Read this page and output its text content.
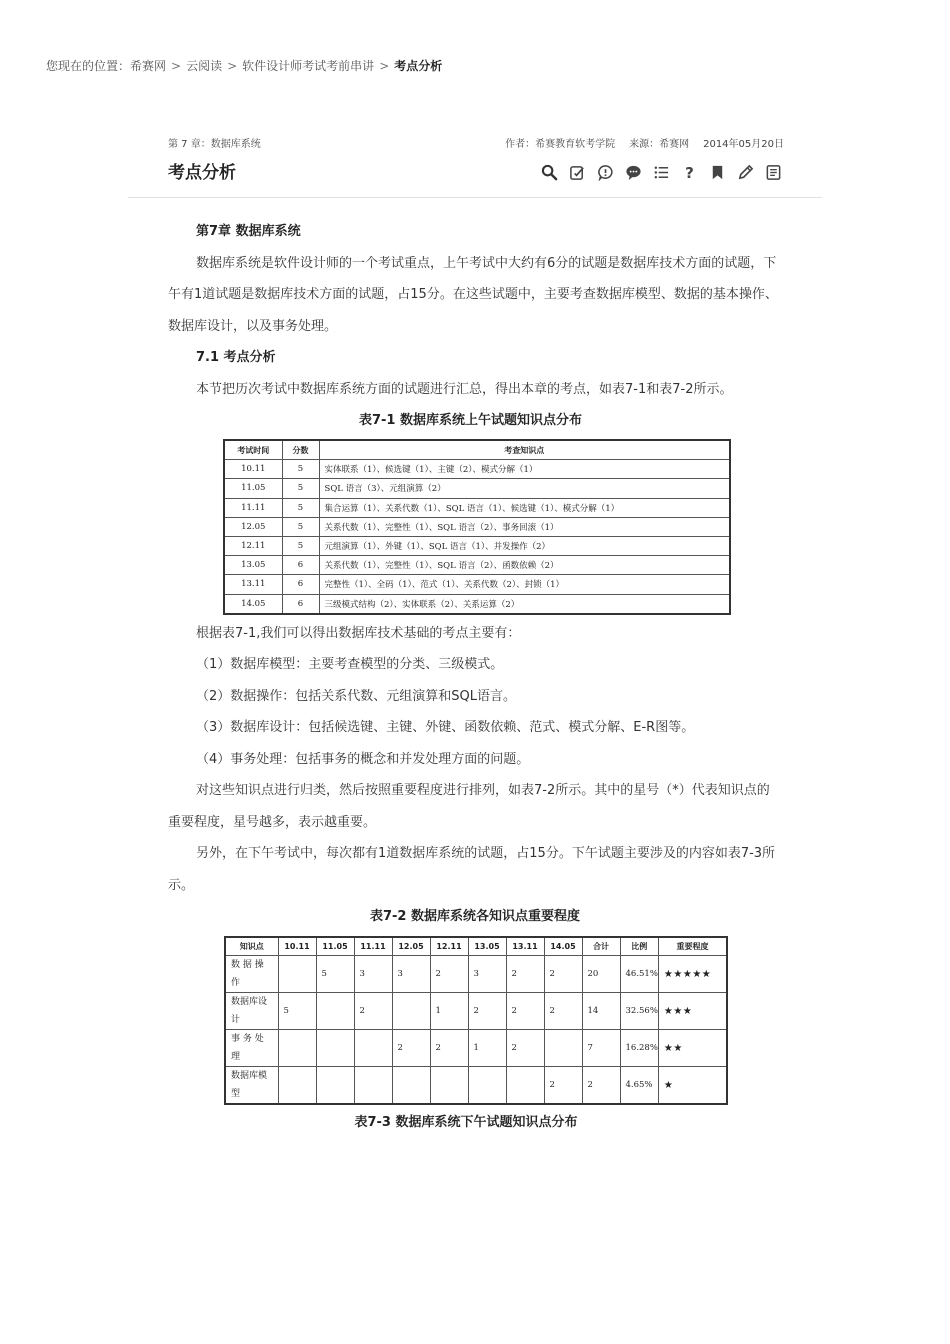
您现在的位置：希赛网 > 云阅读 > 软件设计师考试考前串讲 > 考点分析
第 7 章：数据库系统	作者：希赛教育软考学院 来源：希赛网 2014年05月20日
考点分析	?

第7章 数据库系统

数据库系统是软件设计师的一个考试重点，上午考试中大约有6分的试题是数据库技术方面的试题，下午有1道试题是数据库技术方面的试题，占15分。在这些试题中，主要考查数据库模型、数据的基本操作、数据库设计，以及事务处理。

7.1 考点分析

本节把历次考试中数据库系统方面的试题进行汇总，得出本章的考点，如表7-1和表7-2所示。

表7-1 数据库系统上午试题知识点分布

考试时间	分数	考查知识点
10.11	5	实体联系（1）、候选键（1）、主键（2）、模式分解（1）
11.05	5	SQL 语言（3）、元组演算（2）
11.11	5	集合运算（1）、关系代数（1）、SQL 语言（1）、候选键（1）、模式分解（1）
12.05	5	关系代数（1）、完整性（1）、SQL 语言（2）、事务回滚（1）
12.11	5	元组演算（1）、外键（1）、SQL 语言（1）、并发操作（2）
13.05	6	关系代数（1）、完整性（1）、SQL 语言（2）、函数依赖（2）
13.11	6	完整性（1）、全码（1）、范式（1）、关系代数（2）、封锁（1）
14.05	6	三级模式结构（2）、实体联系（2）、关系运算（2）

根据表7-1,我们可以得出数据库技术基础的考点主要有：

（1）数据库模型：主要考查模型的分类、三级模式。

（2）数据操作：包括关系代数、元组演算和SQL语言。

（3）数据库设计：包括候选键、主键、外键、函数依赖、范式、模式分解、E-R图等。

（4）事务处理：包括事务的概念和并发处理方面的问题。

对这些知识点进行归类，然后按照重要程度进行排列，如表7-2所示。其中的星号（*）代表知识点的重要程度，星号越多，表示越重要。

另外，在下午考试中，每次都有1道数据库系统的试题，占15分。下午试题主要涉及的内容如表7-3所示。

表7-2 数据库系统各知识点重要程度

知识点	10.11	11.05	11.11	12.05	12.11	13.05	13.11	14.05	合计	比例	重要程度
数 据 操 作		5	3	3	2	3	2	2	20	46.51%	★★★★★
数据库设计	5		2		1	2	2	2	14	32.56%	★★★
事 务 处 理				2	2	1	2		7	16.28%	★★
数据库模型								2	2	4.65%	★

表7-3 数据库系统下午试题知识点分布
